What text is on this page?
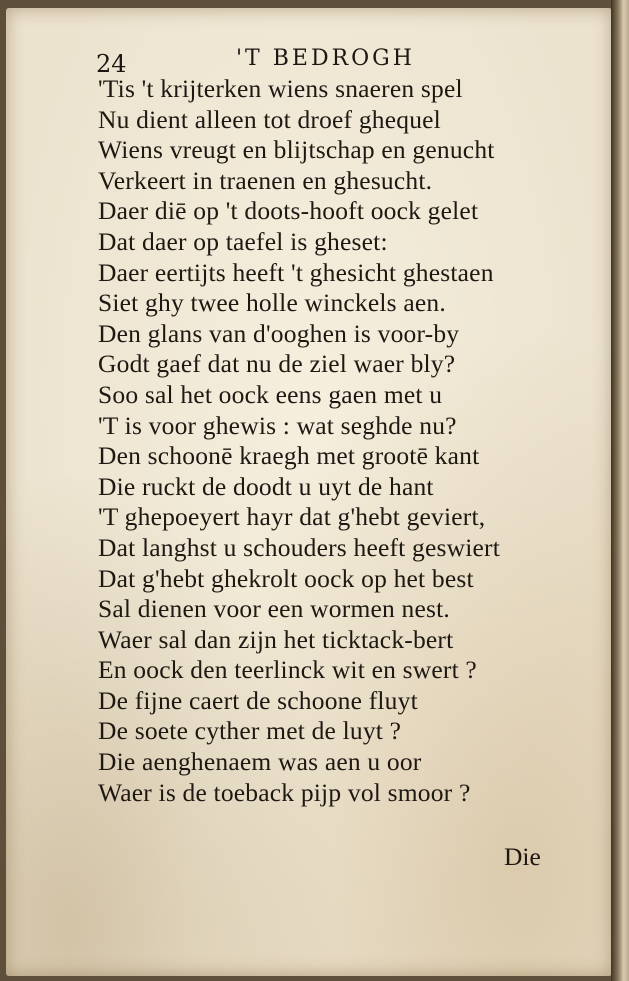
24	'T BEDROGH
'Tis 't krijterken wiens snaeren spel
Nu dient alleen tot droef ghequel
Wiens vreugt en blijtschap en genucht
Verkeert in traenen en ghesucht.
Daer diē op 't doots-hooft oock gelet
Dat daer op taefel is gheset:
Daer eertijts heeft 't ghesicht ghestaen
Siet ghy twee holle winckels aen.
Den glans van d'ooghen is voor-by
Godt gaef dat nu de ziel waer bly?
Soo sal het oock eens gaen met u
'T is voor ghewis : wat seghde nu?
Den schoonē kraegh met grootē kant
Die ruckt de doodt u uyt de hant
'T ghepoeyert hayr dat g'hebt geviert,
Dat langhst u schouders heeft geswiert
Dat g'hebt ghekrolt oock op het best
Sal dienen voor een wormen nest.
Waer sal dan zijn het ticktack-bert
En oock den teerlinck wit en swert ?
De fijne caert de schoone fluyt
De soete cyther met de luyt ?
Die aenghenaem was aen u oor
Waer is de toeback pijp vol smoor ?
Die
